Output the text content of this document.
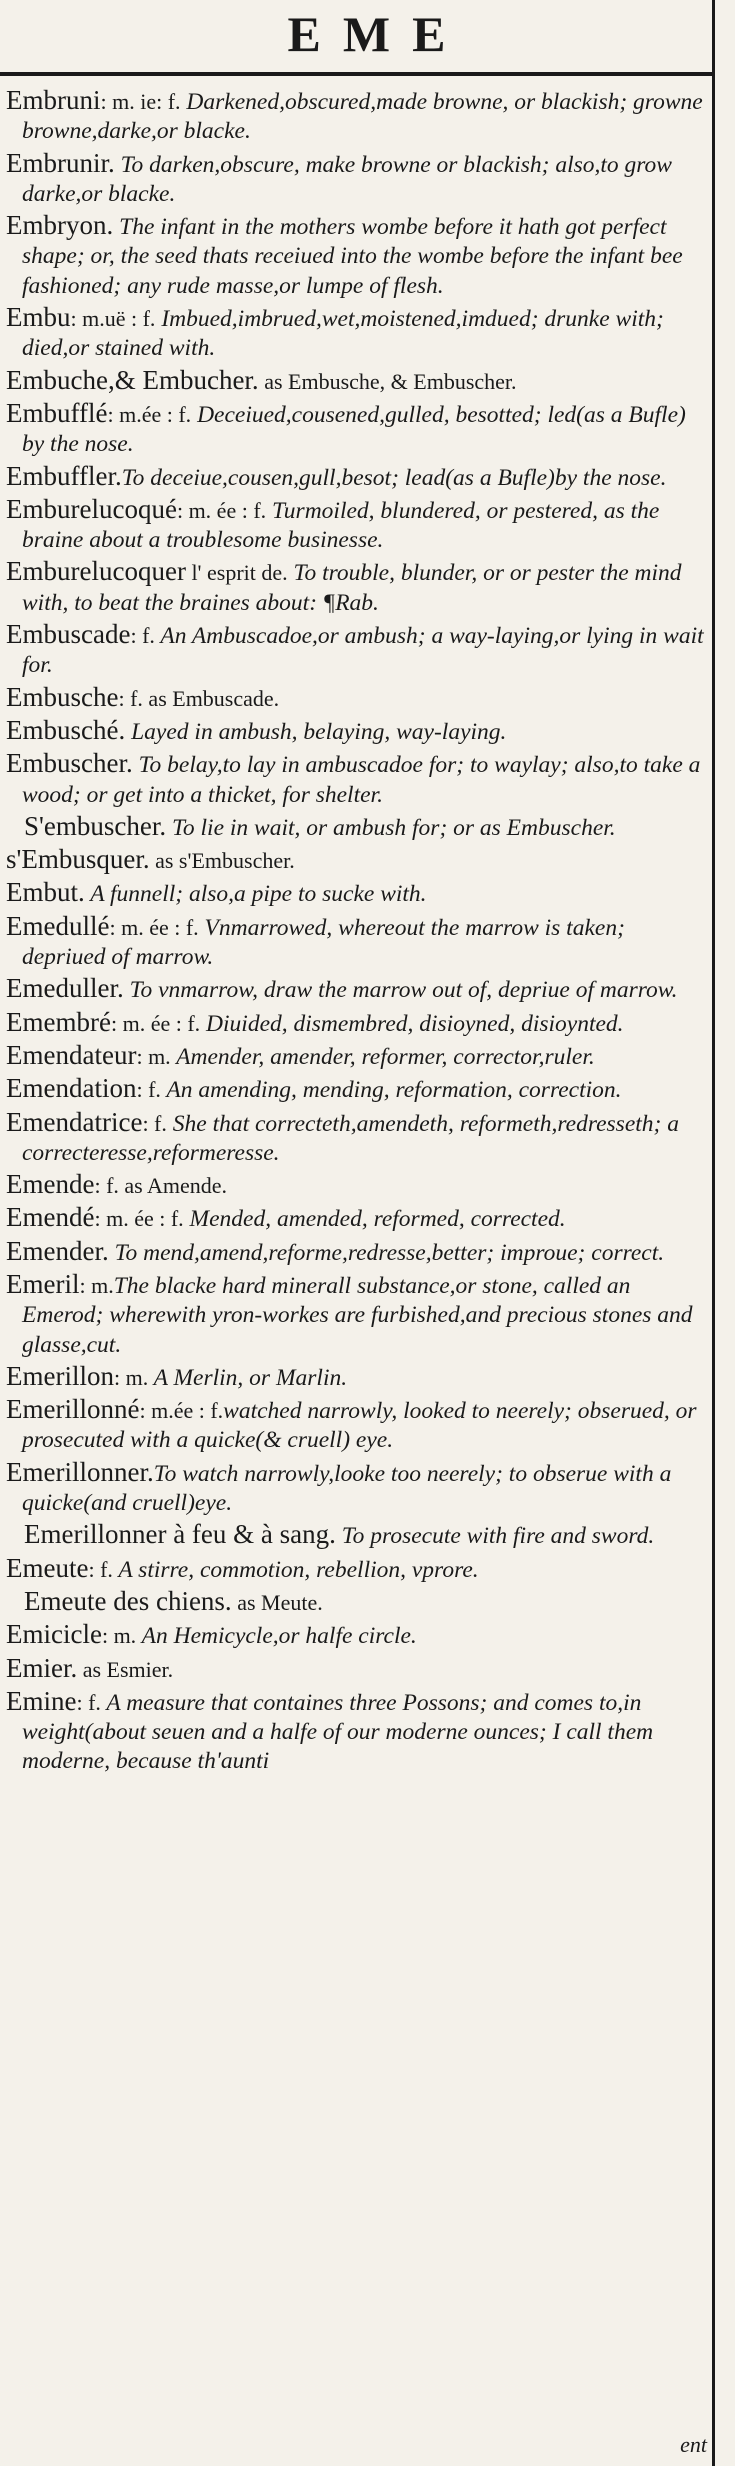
EME

Embruni: m. ie: f. Darkened,obscured,made browne, or blackish; growne browne,darke,or blacke.

Embrunir. To darken,obscure, make browne or blackish; also,to grow darke,or blacke.

Embryon. The infant in the mothers wombe before it hath got perfect shape; or, the seed thats receiued into the wombe before the infant bee fashioned; any rude masse,or lumpe of flesh.

Embu: m.uë : f. Imbued,imbrued,wet,moistened,imdued; drunke with; died,or stained with.

Embuche,& Embucher. as Embusche, & Embuscher.

Embufflé: m.ée : f. Deceiued,cousened,gulled, besotted; led(as a Bufle) by the nose.

Embuffler.To deceiue,cousen,gull,besot; lead(as a Bufle)by the nose.

Emburelucoqué: m. ée : f. Turmoiled, blundered, or pestered, as the braine about a troublesome businesse.

Emburelucoquer l' esprit de. To trouble, blunder, or or pester the mind with, to beat the braines about: ¶Rab.

Embuscade: f. An Ambuscadoe,or ambush; a way-laying,or lying in wait for.

Embusche: f. as Embuscade.

Embusché. Layed in ambush, belaying, way-laying.

Embuscher. To belay,to lay in ambuscadoe for; to waylay; also,to take a wood; or get into a thicket, for shelter.

S'embuscher. To lie in wait, or ambush for; or as Embuscher.

s'Embusquer. as s'Embuscher.

Embut. A funnell; also,a pipe to sucke with.

Emedullé: m. ée : f. Vnmarrowed, whereout the marrow is taken; depriued of marrow.

Emeduller. To vnmarrow, draw the marrow out of, depriue of marrow.

Emembré: m. ée : f. Diuided, dismembred, disioyned, disioynted.

Emendateur: m. Amender, amender, reformer, corrector,ruler.

Emendation: f. An amending, mending, reformation, correction.

Emendatrice: f. She that correcteth,amendeth, reformeth,redresseth; a correcteresse,reformeresse.

Emende: f. as Amende.

Emendé: m. ée : f. Mended, amended, reformed, corrected.

Emender. To mend,amend,reforme,redresse,better; improue; correct.

Emeril: m.The blacke hard minerall substance,or stone, called an Emerod; wherewith yron-workes are furbished,and precious stones and glasse,cut.

Emerillon: m. A Merlin, or Marlin.

Emerillonné: m.ée : f.watched narrowly, looked to neerely; obserued, or prosecuted with a quicke(& cruell) eye.

Emerillonner.To watch narrowly,looke too neerely; to obserue with a quicke(and cruell)eye.

Emerillonner à feu & à sang. To prosecute with fire and sword.

Emeute: f. A stirre, commotion, rebellion, vprore.

Emeute des chiens. as Meute.

Emicicle: m. An Hemicycle,or halfe circle.

Emier. as Esmier.

Emine: f. A measure that containes three Possons; and comes to,in weight(about seuen and a halfe of our moderne ounces; I call them moderne, because th'aunti

ent
